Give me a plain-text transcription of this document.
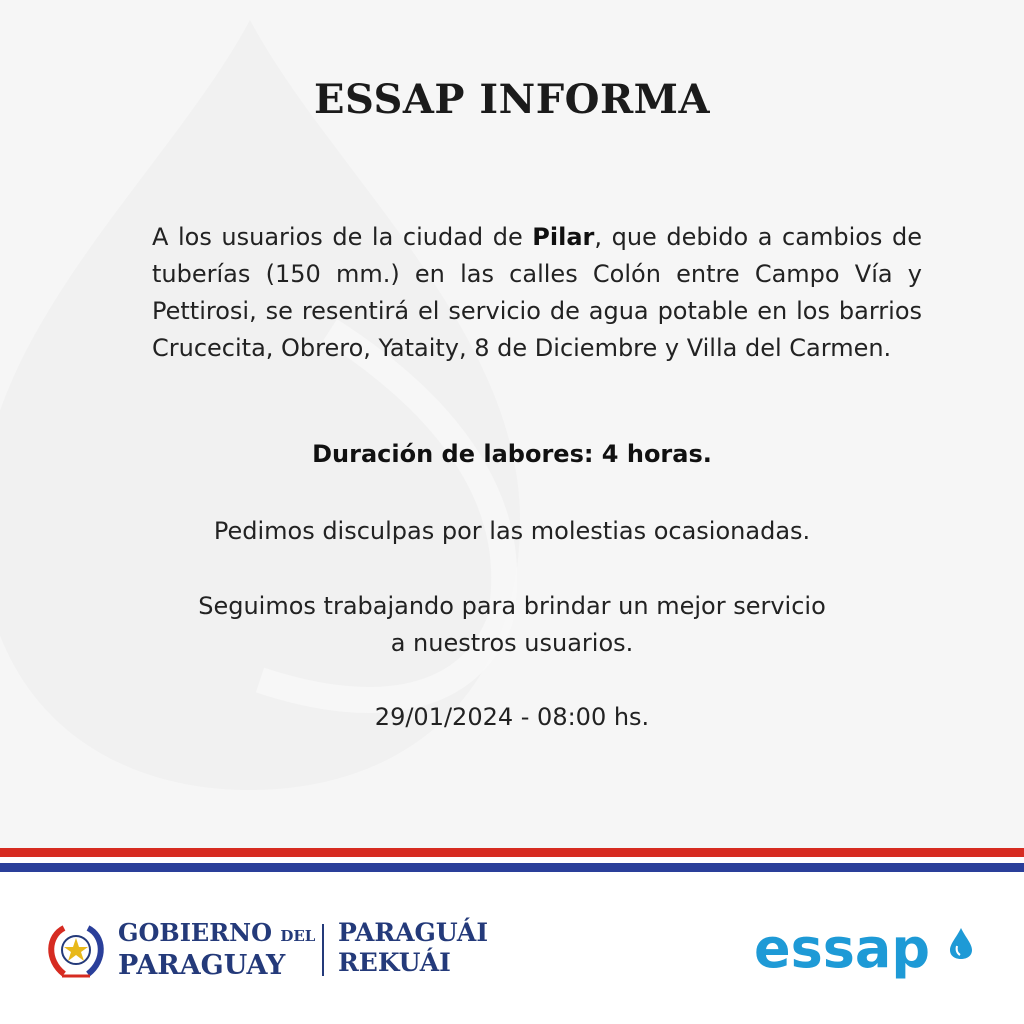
ESSAP INFORMA

A los usuarios de la ciudad de Pilar, que debido a cambios de tuberías (150 mm.) en las calles Colón entre Campo Vía y Pettirosi, se resentirá el servicio de agua potable en los barrios Crucecita, Obrero, Yataity, 8 de Diciembre y Villa del Carmen.

Duración de labores: 4 horas.

Pedimos disculpas por las molestias ocasionadas.

Seguimos trabajando para brindar un mejor servicio
a nuestros usuarios.

29/01/2024 - 08:00 hs.

GOBIERNO DEL
PARAGUAY
PARAGUÁI
REKUÁI	essap
